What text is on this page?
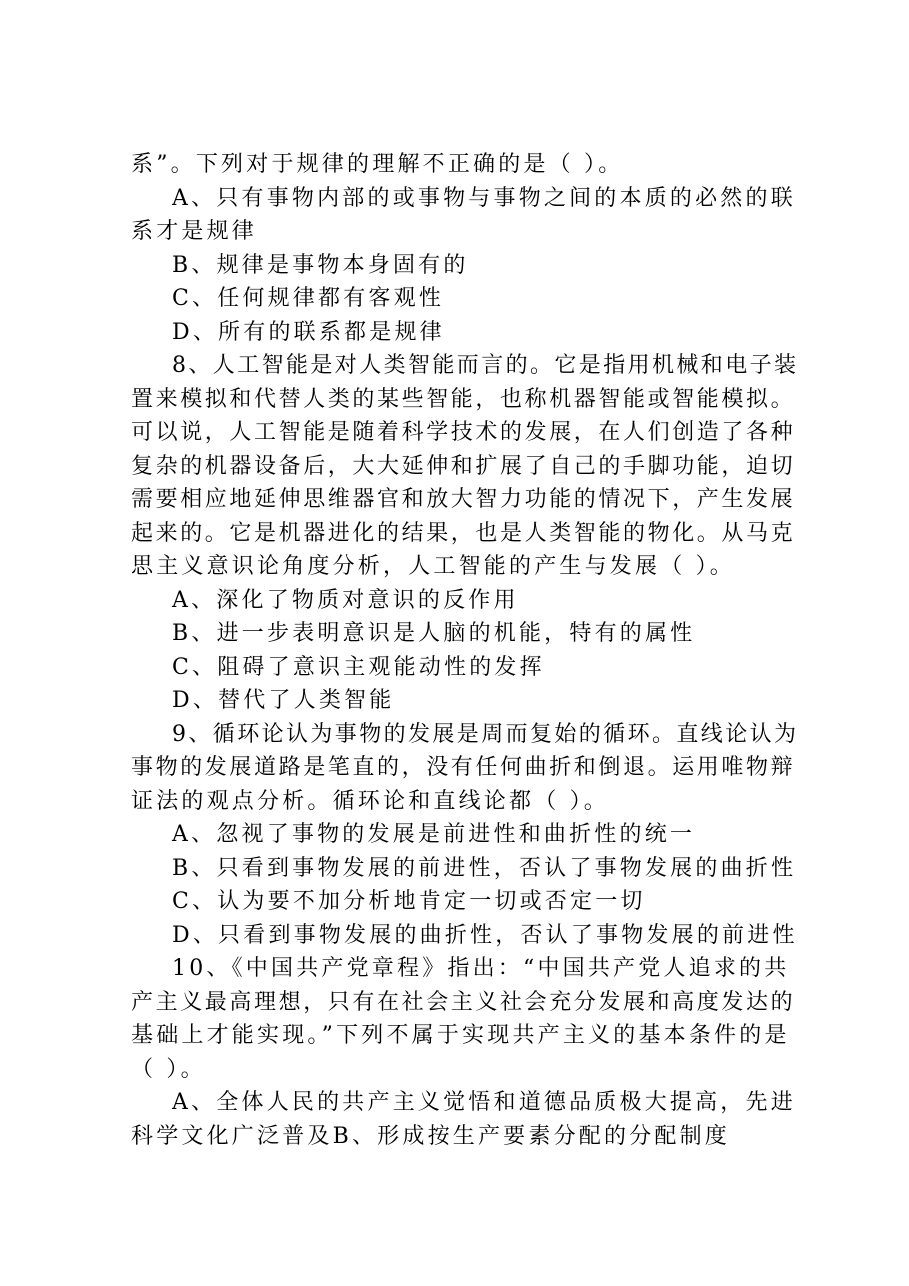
系”。下列对于规律的理解不正确的是（ ）。
A、只有事物内部的或事物与事物之间的本质的必然的联
系才是规律
B、规律是事物本身固有的
C、任何规律都有客观性
D、所有的联系都是规律
8、人工智能是对人类智能而言的。它是指用机械和电子装
置来模拟和代替人类的某些智能，也称机器智能或智能模拟。
可以说，人工智能是随着科学技术的发展，在人们创造了各种
复杂的机器设备后，大大延伸和扩展了自己的手脚功能，迫切
需要相应地延伸思维器官和放大智力功能的情况下，产生发展
起来的。它是机器进化的结果，也是人类智能的物化。从马克
思主义意识论角度分析，人工智能的产生与发展（ ）。
A、深化了物质对意识的反作用
B、进一步表明意识是人脑的机能，特有的属性
C、阻碍了意识主观能动性的发挥
D、替代了人类智能
9、循环论认为事物的发展是周而复始的循环。直线论认为
事物的发展道路是笔直的，没有任何曲折和倒退。运用唯物辩
证法的观点分析。循环论和直线论都（ ）。
A、忽视了事物的发展是前进性和曲折性的统一
B、只看到事物发展的前进性，否认了事物发展的曲折性
C、认为要不加分析地肯定一切或否定一切
D、只看到事物发展的曲折性，否认了事物发展的前进性
10、《中国共产党章程》指出：“中国共产党人追求的共
产主义最高理想，只有在社会主义社会充分发展和高度发达的
基础上才能实现。”下列不属于实现共产主义的基本条件的是
（ ）。
A、全体人民的共产主义觉悟和道德品质极大提高，先进
科学文化广泛普及B、形成按生产要素分配的分配制度
